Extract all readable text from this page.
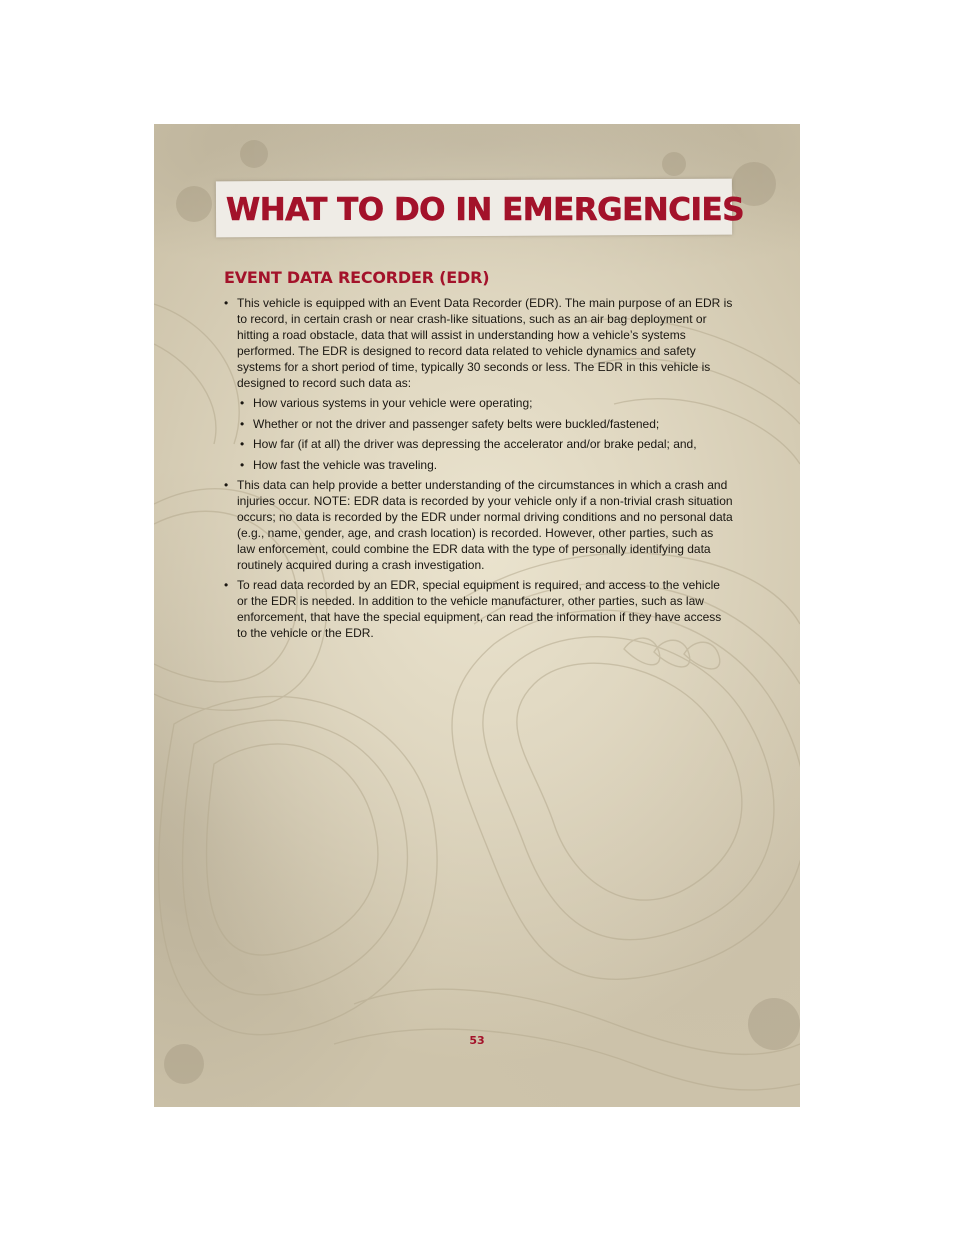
WHAT TO DO IN EMERGENCIES
EVENT DATA RECORDER (EDR)
• This vehicle is equipped with an Event Data Recorder (EDR). The main purpose of an EDR is to record, in certain crash or near crash-like situations, such as an air bag deployment or hitting a road obstacle, data that will assist in understanding how a vehicle’s systems performed. The EDR is designed to record data related to vehicle dynamics and safety systems for a short period of time, typically 30 seconds or less. The EDR in this vehicle is designed to record such data as:
• How various systems in your vehicle were operating;
• Whether or not the driver and passenger safety belts were buckled/fastened;
• How far (if at all) the driver was depressing the accelerator and/or brake pedal; and,
• How fast the vehicle was traveling.
• This data can help provide a better understanding of the circumstances in which a crash and injuries occur. NOTE: EDR data is recorded by your vehicle only if a non-trivial crash situation occurs; no data is recorded by the EDR under normal driving conditions and no personal data (e.g., name, gender, age, and crash location) is recorded. However, other parties, such as law enforcement, could combine the EDR data with the type of personally identifying data routinely acquired during a crash investigation.
• To read data recorded by an EDR, special equipment is required, and access to the vehicle or the EDR is needed. In addition to the vehicle manufacturer, other parties, such as law enforcement, that have the special equipment, can read the information if they have access to the vehicle or the EDR.
53
